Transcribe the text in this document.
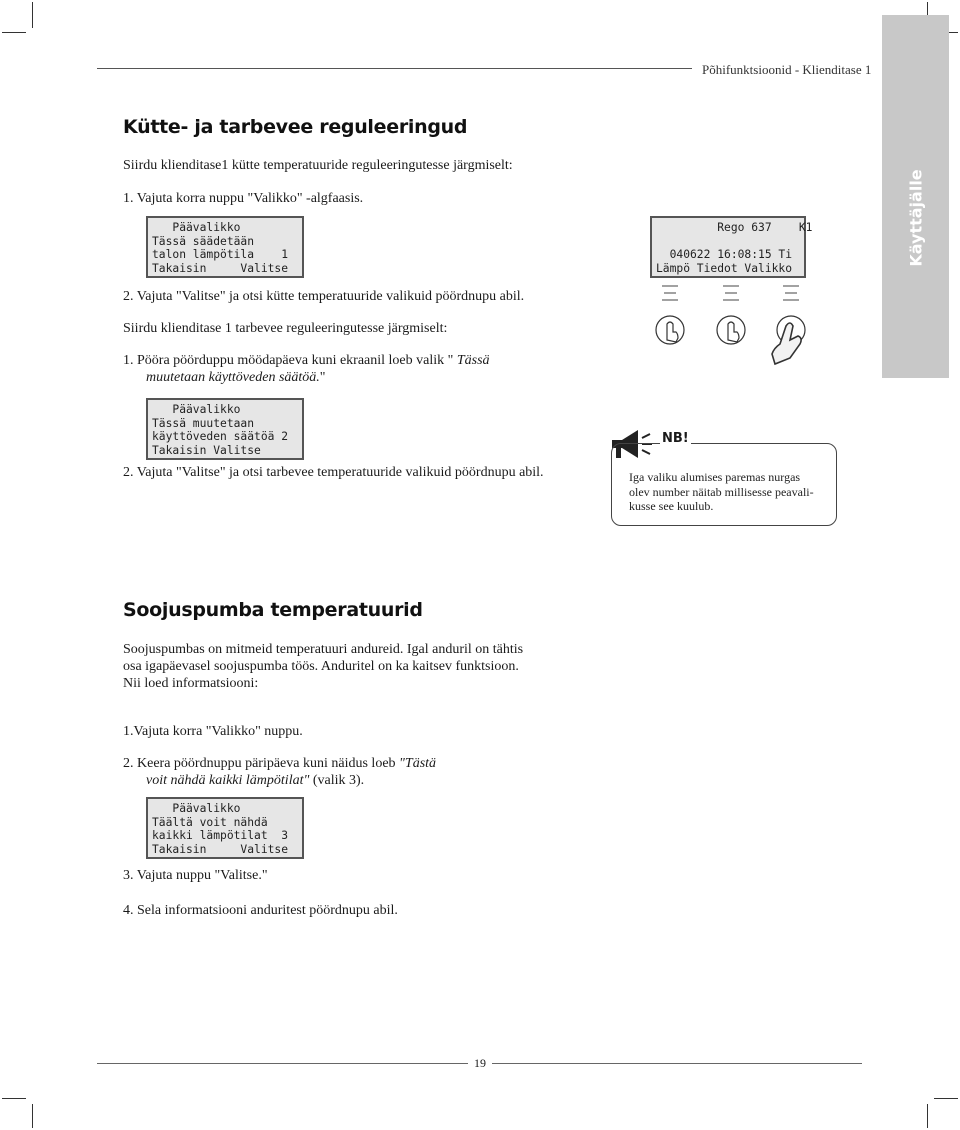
Põhifunktsioonid - Klienditase 1
Käyttäjälle
Kütte- ja tarbevee reguleeringud
Siirdu klienditase1 kütte temperatuuride reguleeringutesse järgmiselt:
1. Vajuta korra nuppu "Valikko" -algfaasis.
Päävalikko
Tässä säädetään
talon lämpötila    1
Takaisin     Valitse
2. Vajuta "Valitse" ja otsi kütte temperatuuride valikuid pöördnupu abil.
Siirdu klienditase 1 tarbevee reguleeringutesse järgmiselt:
1. Pööra pöörduppu möödapäeva kuni ekraanil loeb valik " Tässä
muutetaan käyttöveden säätöä."
Päävalikko
Tässä muutetaan
käyttöveden säätöä 2
Takaisin Valitse
2. Vajuta "Valitse" ja otsi tarbevee temperatuuride valikuid pöördnupu abil.
Rego 637    K1
040622 16:08:15 Ti
Lämpö Tiedot Valikko
NB!
Iga valiku alumises paremas nurgas
olev number näitab millisesse peavali-
kusse see kuulub.
Soojuspumba temperatuurid
Soojuspumbas on mitmeid temperatuuri andureid. Igal anduril on tähtis
osa igapäevasel soojuspumba töös. Anduritel on ka kaitsev funktsioon.
Nii loed informatsiooni:
1.Vajuta korra "Valikko" nuppu.
2. Keera pöördnuppu päripäeva kuni näidus loeb "Tästä
voit nähdä kaikki lämpötilat" (valik 3).
Päävalikko
Täältä voit nähdä
kaikki lämpötilat  3
Takaisin     Valitse
3. Vajuta nuppu "Valitse."
4. Sela informatsiooni anduritest pöördnupu abil.
19
